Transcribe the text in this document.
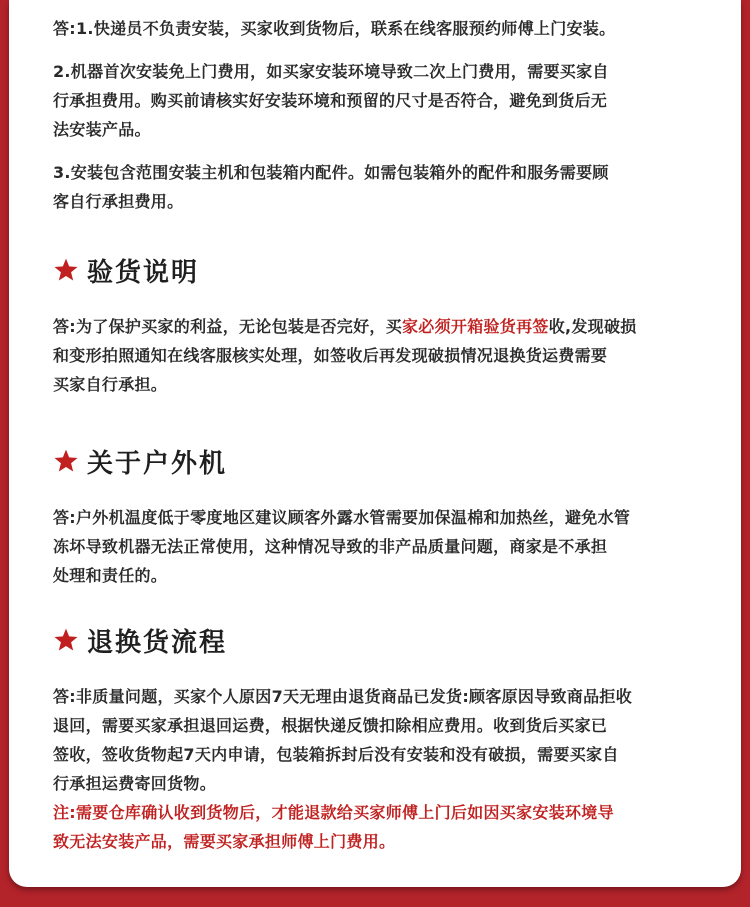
答:1.快递员不负责安装，买家收到货物后，联系在线客服预约师傅上门安装。

2.机器首次安装免上门费用，如买家安装环境导致二次上门费用，需要买家自
行承担费用。购买前请核实好安装环境和预留的尺寸是否符合，避免到货后无
法安装产品。

3.安装包含范围安装主机和包装箱内配件。如需包装箱外的配件和服务需要顾
客自行承担费用。

验货说明

答:为了保护买家的利益，无论包装是否完好，买家必须开箱验货再签收,发现破损
和变形拍照通知在线客服核实处理，如签收后再发现破损情况退换货运费需要
买家自行承担。

关于户外机

答:户外机温度低于零度地区建议顾客外露水管需要加保温棉和加热丝，避免水管
冻坏导致机器无法正常使用，这种情况导致的非产品质量问题，商家是不承担
处理和责任的。

退换货流程

答:非质量问题，买家个人原因7天无理由退货商品已发货:顾客原因导致商品拒收
退回，需要买家承担退回运费，根据快递反馈扣除相应费用。收到货后买家已
签收，签收货物起7天内申请，包装箱拆封后没有安装和没有破损，需要买家自
行承担运费寄回货物。

注:需要仓库确认收到货物后，才能退款给买家师傅上门后如因买家安装环境导
致无法安装产品，需要买家承担师傅上门费用。
